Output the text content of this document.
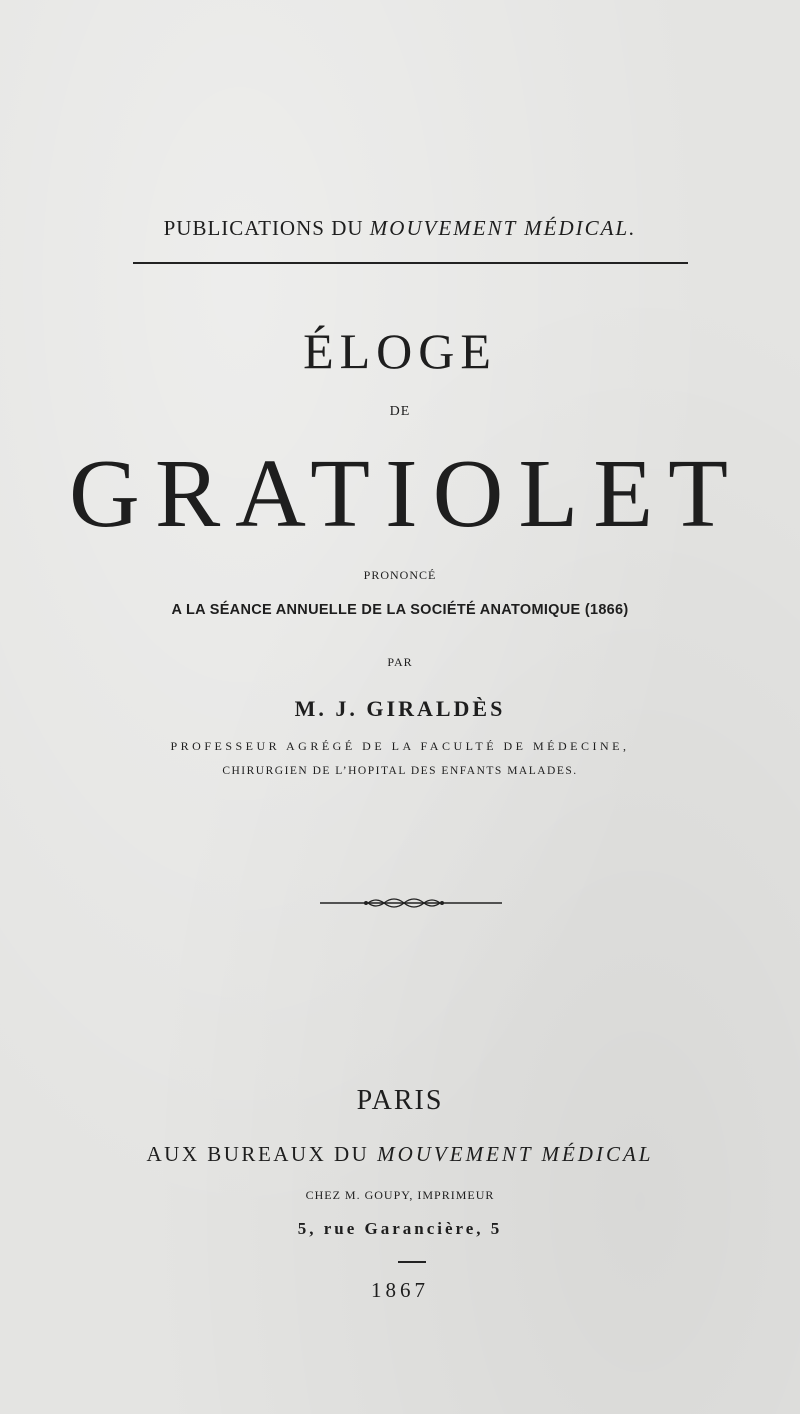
PUBLICATIONS DU MOUVEMENT MÉDICAL.
ÉLOGE
DE
GRATIOLET
PRONONCÉ
A LA SÉANCE ANNUELLE DE LA SOCIÉTÉ ANATOMIQUE (1866)
PAR
M. J. GIRALDÈS
PROFESSEUR AGRÉGÉ DE LA FACULTÉ DE MÉDECINE,
CHIRURGIEN DE L’HOPITAL DES ENFANTS MALADES.
PARIS
AUX BUREAUX DU MOUVEMENT MÉDICAL
CHEZ M. GOUPY, IMPRIMEUR
5, rue Garancière, 5
1867
